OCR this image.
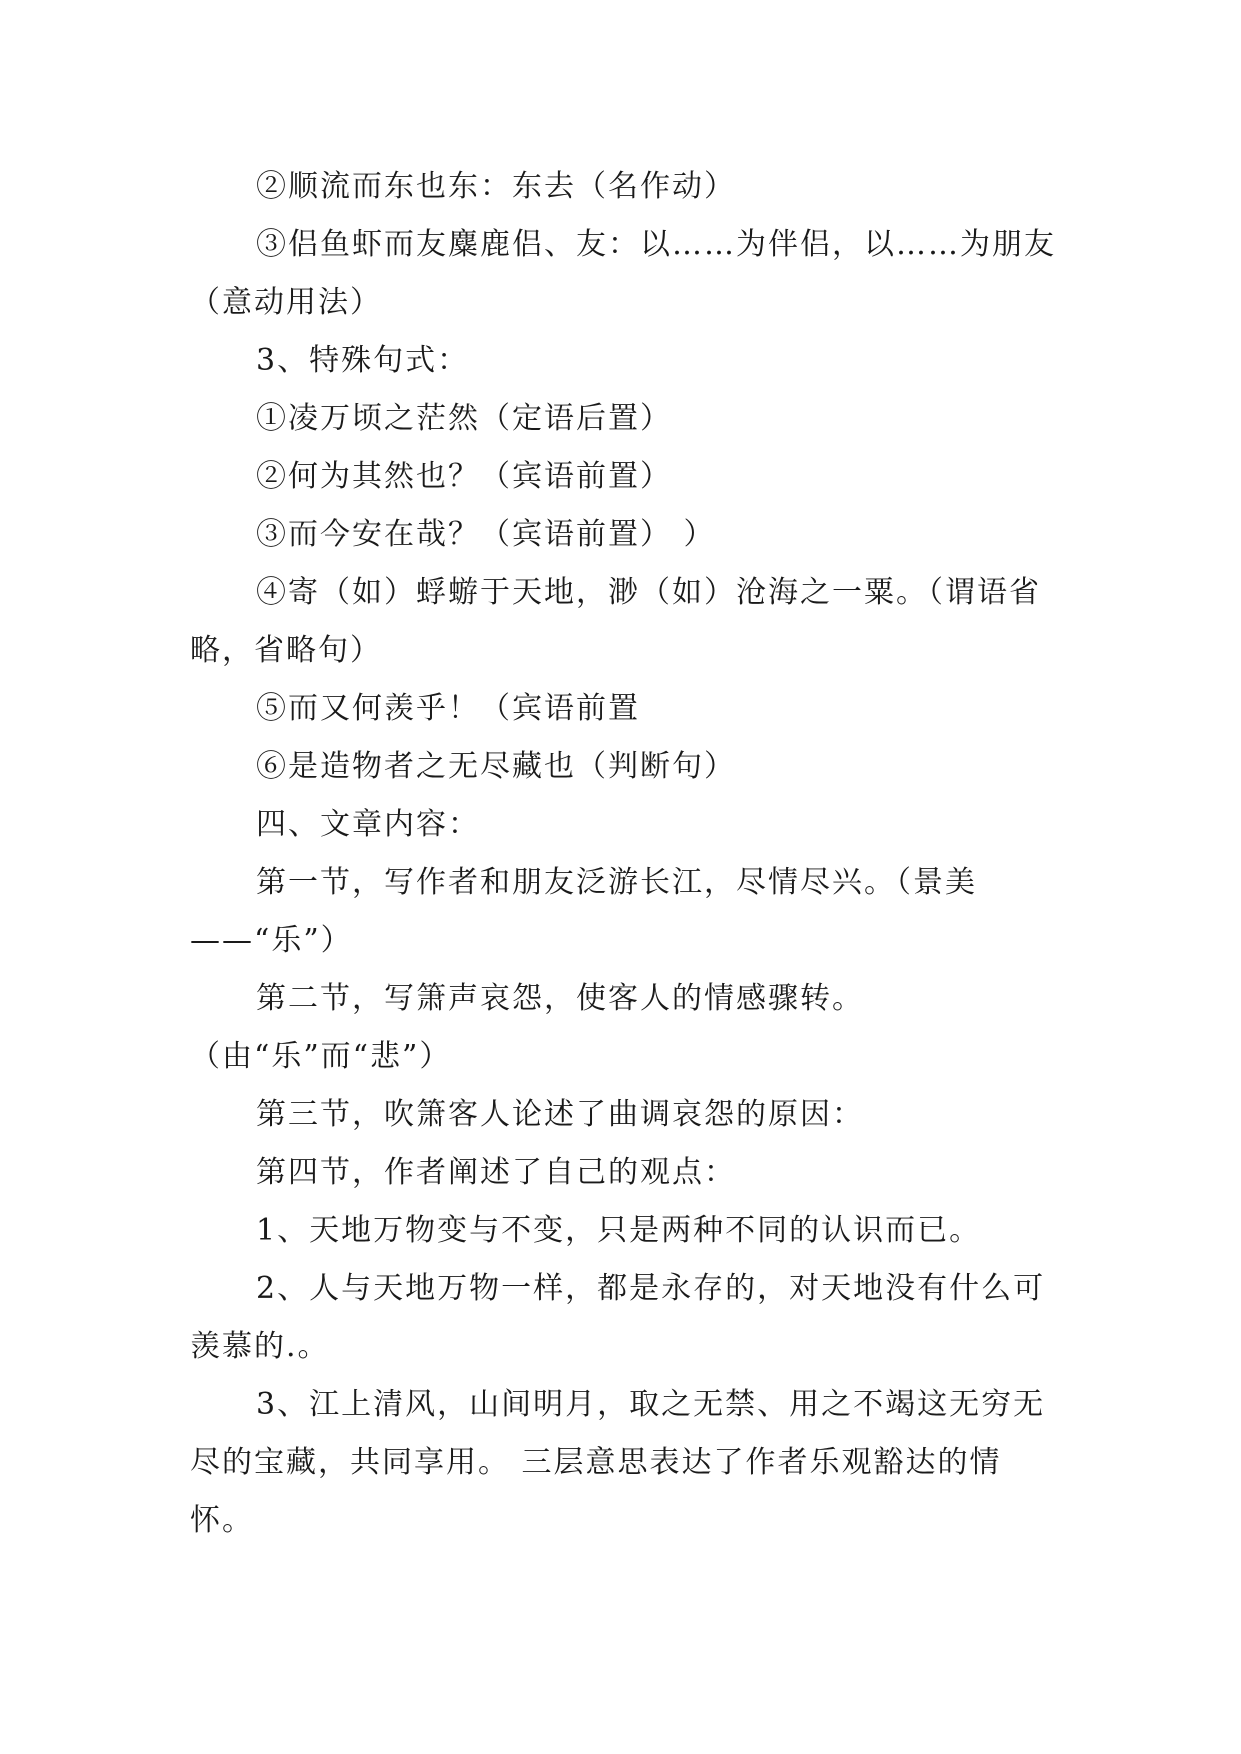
②顺流而东也东：东去（名作动）

③侣鱼虾而友麋鹿侣、友：以……为伴侣，以……为朋友（意动用法）

3、特殊句式：

①凌万顷之茫然（定语后置）

②何为其然也？（宾语前置）

③而今安在哉？（宾语前置） ）

④寄（如）蜉蝣于天地，渺（如）沧海之一粟。（谓语省略，省略句）

⑤而又何羡乎！（宾语前置

⑥是造物者之无尽藏也（判断句）

四、文章内容：

第一节，写作者和朋友泛游长江，尽情尽兴。（景美——“乐”）

第二节，写箫声哀怨，使客人的情感骤转。（由“乐”而“悲”）

第三节，吹箫客人论述了曲调哀怨的原因：

第四节，作者阐述了自己的观点：

1、天地万物变与不变，只是两种不同的认识而已。

2、人与天地万物一样，都是永存的，对天地没有什么可羡慕的.。

3、江上清风，山间明月，取之无禁、用之不竭这无穷无尽的宝藏，共同享用。 三层意思表达了作者乐观豁达的情怀。
